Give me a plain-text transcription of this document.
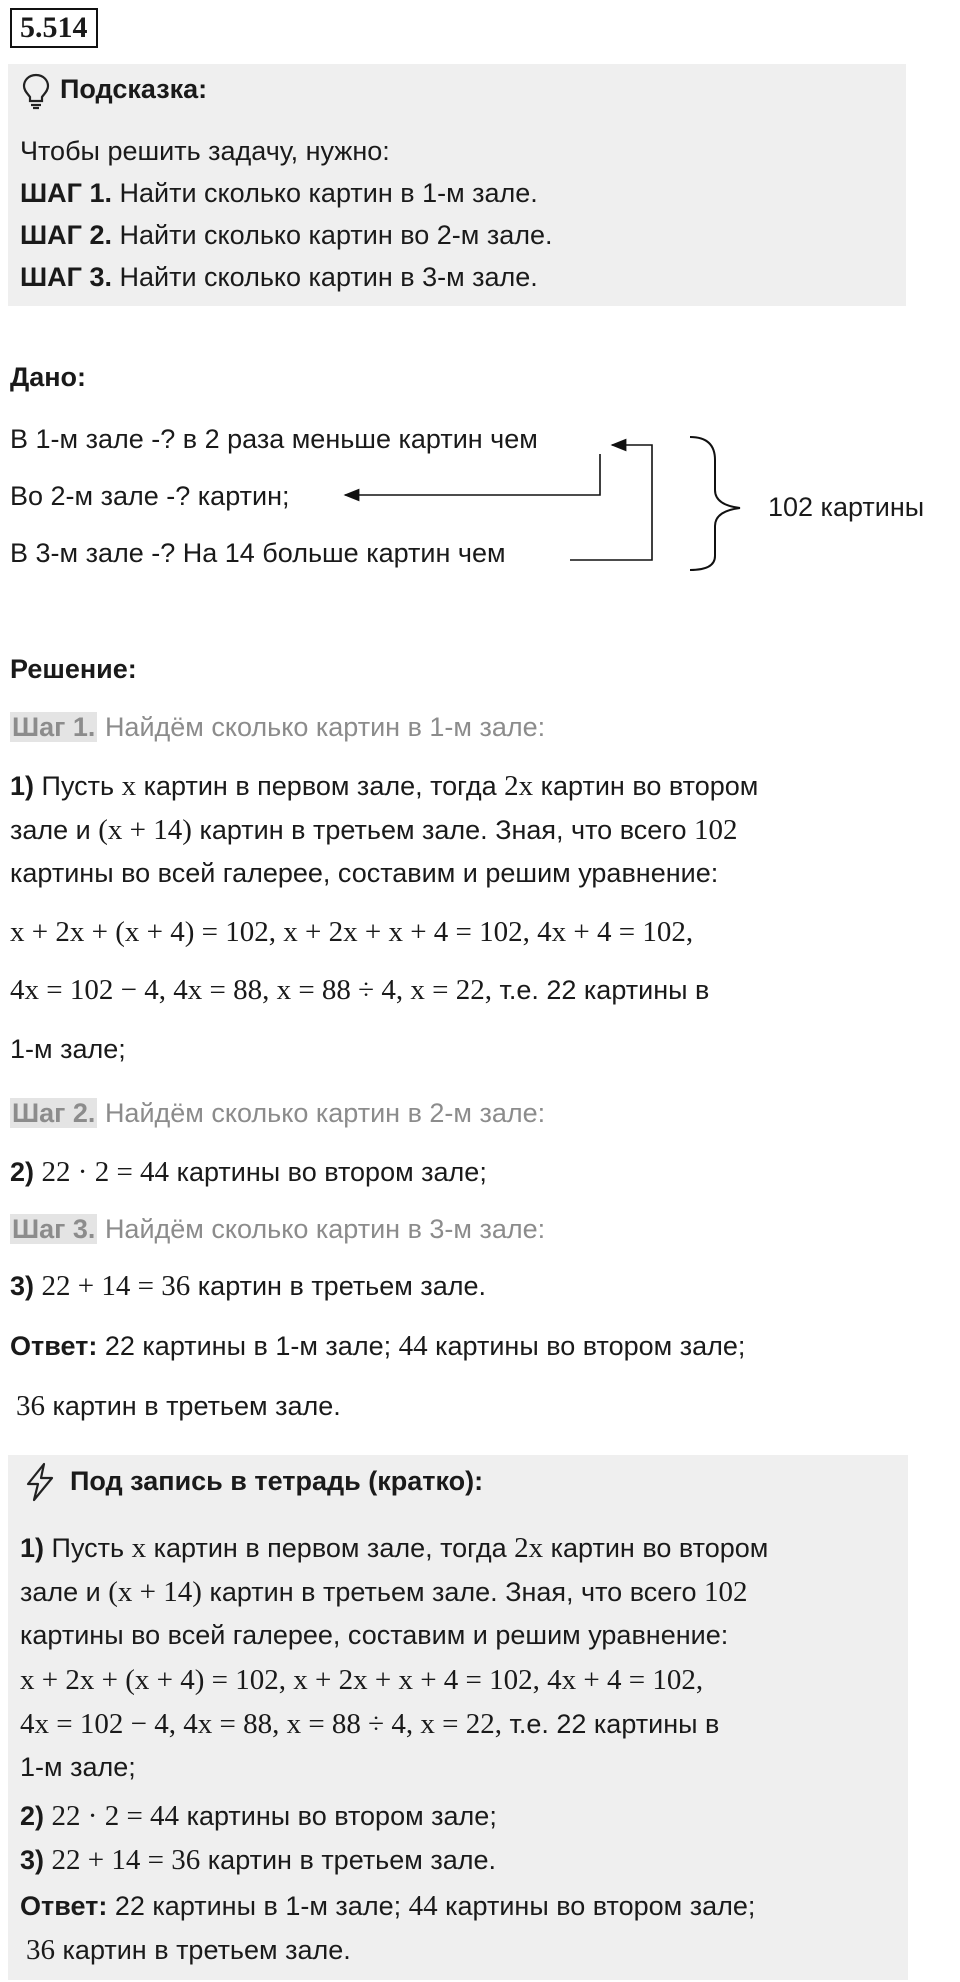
5.514
Подсказка:
Чтобы решить задачу, нужно:
ШАГ 1. Найти сколько картин в 1-м зале.
ШАГ 2. Найти сколько картин во 2-м зале.
ШАГ 3. Найти сколько картин в 3-м зале.
Дано:
В 1-м зале -? в 2 раза меньше картин чем
Во 2-м зале -? картин;
В 3-м зале -? На 14 больше картин чем
102 картины
Решение:
Шаг 1. Найдём сколько картин в 1-м зале:
1) Пусть x картин в первом зале, тогда 2x картин во втором
зале и (x + 14) картин в третьем зале. Зная, что всего 102
картины во всей галерее, составим и решим уравнение:
x + 2x + (x + 4) = 102, x + 2x + x + 4 = 102, 4x + 4 = 102,
4x = 102 − 4, 4x = 88, x = 88 ÷ 4, x = 22, т.е. 22 картины в
1-м зале;
Шаг 2. Найдём сколько картин в 2-м зале:
2) 22 · 2 = 44 картины во втором зале;
Шаг 3. Найдём сколько картин в 3-м зале:
3) 22 + 14 = 36 картин в третьем зале.
Ответ: 22 картины в 1-м зале; 44 картины во втором зале;
36 картин в третьем зале.
Под запись в тетрадь (кратко):
1) Пусть x картин в первом зале, тогда 2x картин во втором
зале и (x + 14) картин в третьем зале. Зная, что всего 102
картины во всей галерее, составим и решим уравнение:
x + 2x + (x + 4) = 102, x + 2x + x + 4 = 102, 4x + 4 = 102,
4x = 102 − 4, 4x = 88, x = 88 ÷ 4, x = 22, т.е. 22 картины в
1-м зале;
2) 22 · 2 = 44 картины во втором зале;
3) 22 + 14 = 36 картин в третьем зале.
Ответ: 22 картины в 1-м зале; 44 картины во втором зале;
36 картин в третьем зале.
